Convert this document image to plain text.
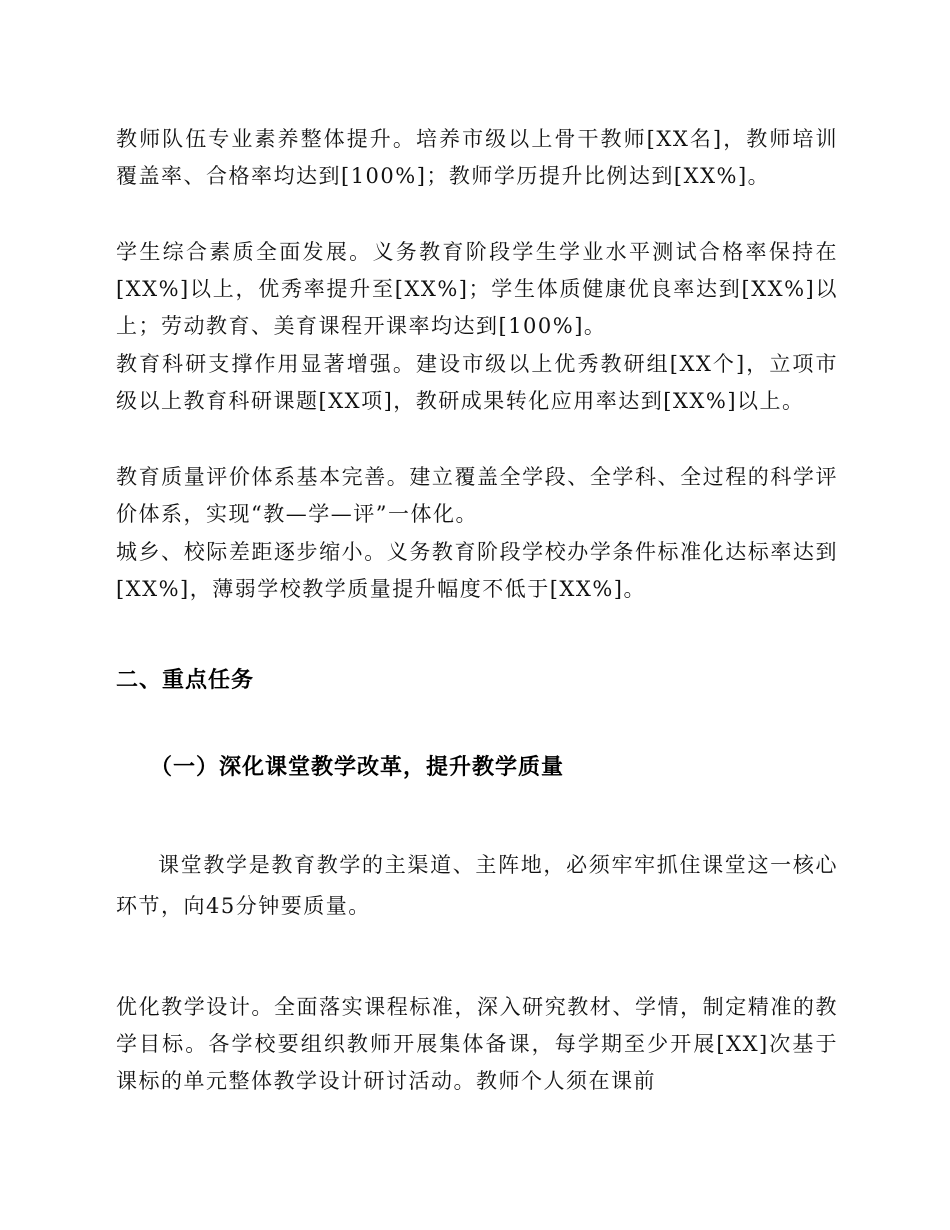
教师队伍专业素养整体提升。培养市级以上骨干教师[XX名]，教师培训覆盖率、合格率均达到[100%]；教师学历提升比例达到[XX%]。

学生综合素质全面发展。义务教育阶段学生学业水平测试合格率保持在[XX%]以上，优秀率提升至[XX%]；学生体质健康优良率达到[XX%]以上；劳动教育、美育课程开课率均达到[100%]。

教育科研支撑作用显著增强。建设市级以上优秀教研组[XX个]，立项市级以上教育科研课题[XX项]，教研成果转化应用率达到[XX%]以上。

教育质量评价体系基本完善。建立覆盖全学段、全学科、全过程的科学评价体系，实现“教—学—评”一体化。

城乡、校际差距逐步缩小。义务教育阶段学校办学条件标准化达标率达到[XX%]，薄弱学校教学质量提升幅度不低于[XX%]。

二、重点任务
（一）深化课堂教学改革，提升教学质量

课堂教学是教育教学的主渠道、主阵地，必须牢牢抓住课堂这一核心环节，向45分钟要质量。

优化教学设计。全面落实课程标准，深入研究教材、学情，制定精准的教学目标。各学校要组织教师开展集体备课，每学期至少开展[XX]次基于课标的单元整体教学设计研讨活动。教师个人须在课前
